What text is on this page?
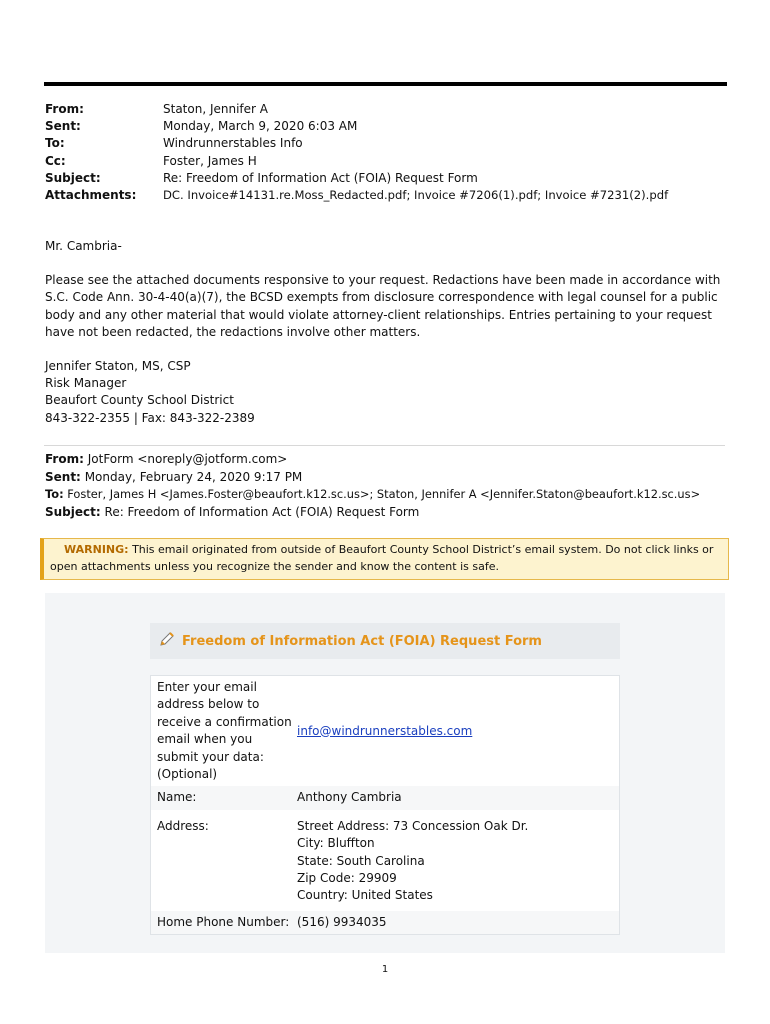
From:	Staton, Jennifer A
Sent:	Monday, March 9, 2020 6:03 AM
To:	Windrunnerstables Info
Cc:	Foster, James H
Subject:	Re: Freedom of Information Act (FOIA) Request Form
Attachments:	DC. Invoice#14131.re.Moss_Redacted.pdf; Invoice #7206(1).pdf; Invoice #7231(2).pdf

Mr. Cambria-

Please see the attached documents responsive to your request. Redactions have been made in accordance with S.C. Code Ann. 30-4-40(a)(7), the BCSD exempts from disclosure correspondence with legal counsel for a public body and any other material that would violate attorney-client relationships. Entries pertaining to your request have not been redacted, the redactions involve other matters.

Jennifer Staton, MS, CSP
Risk Manager
Beaufort County School District
843-322-2355 | Fax: 843-322-2389
From: JotForm <noreply@jotform.com>
Sent: Monday, February 24, 2020 9:17 PM
To: Foster, James H <James.Foster@beaufort.k12.sc.us>; Staton, Jennifer A <Jennifer.Staton@beaufort.k12.sc.us>
Subject: Re: Freedom of Information Act (FOIA) Request Form
WARNING: This email originated from outside of Beaufort County School District’s email system. Do not click links or open attachments unless you recognize the sender and know the content is safe.
Freedom of Information Act (FOIA) Request Form
Enter your email address below to receive a confirmation email when you submit your data: (Optional)
info@windrunnerstables.com
Name:	Anthony Cambria
Address:	Street Address: 73 Concession Oak Dr.
City: Bluffton
State: South Carolina
Zip Code: 29909
Country: United States
Home Phone Number: (516) 9934035
1
